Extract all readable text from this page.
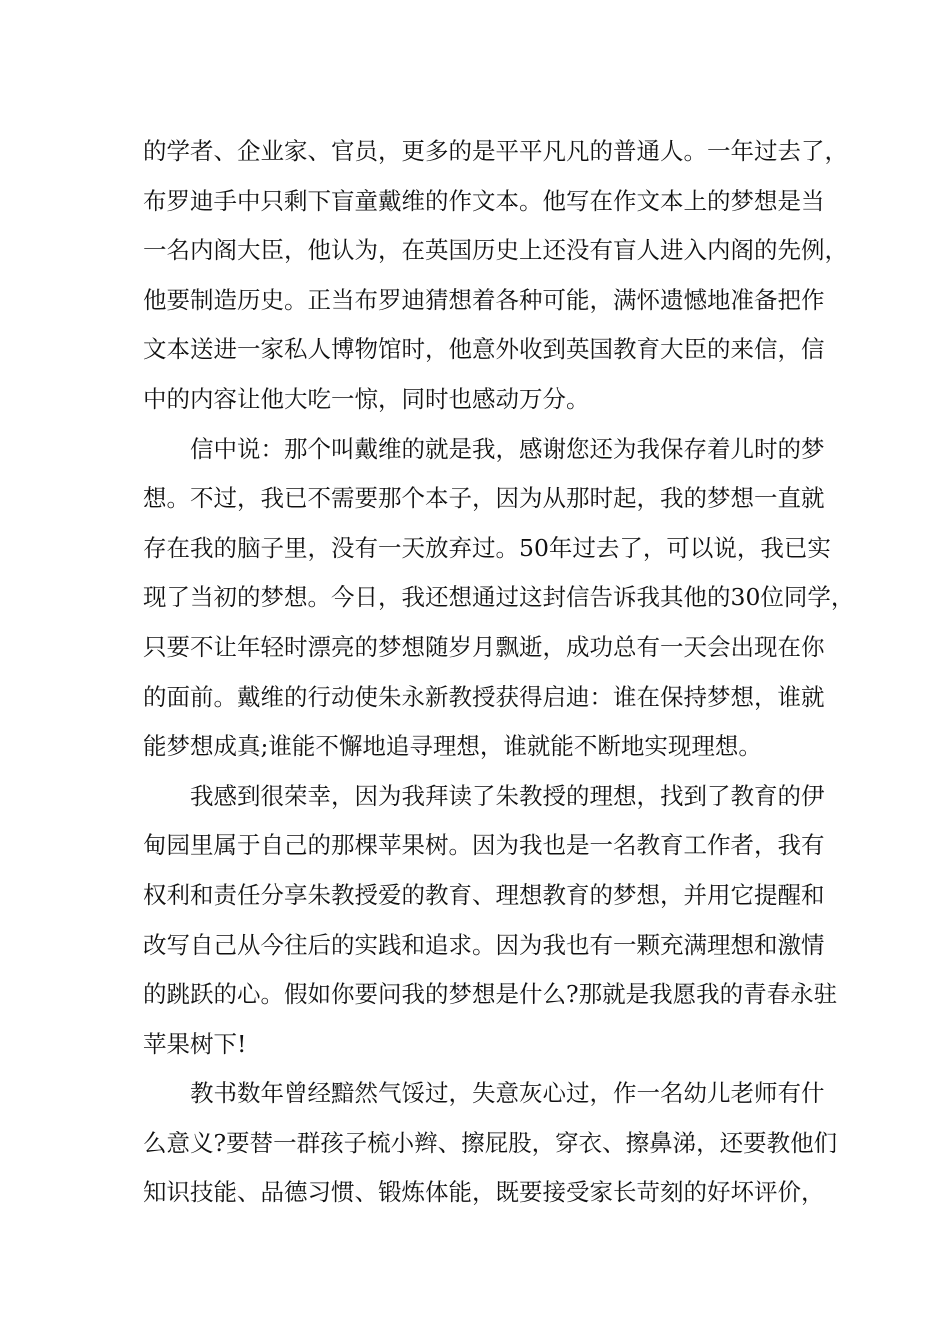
的学者、企业家、官员，更多的是平平凡凡的普通人。一年过去了，
布罗迪手中只剩下盲童戴维的作文本。他写在作文本上的梦想是当
一名内阁大臣，他认为，在英国历史上还没有盲人进入内阁的先例，
他要制造历史。正当布罗迪猜想着各种可能，满怀遗憾地准备把作
文本送进一家私人博物馆时，他意外收到英国教育大臣的来信，信
中的内容让他大吃一惊，同时也感动万分。
信中说：那个叫戴维的就是我，感谢您还为我保存着儿时的梦
想。不过，我已不需要那个本子，因为从那时起，我的梦想一直就
存在我的脑子里，没有一天放弃过。50年过去了，可以说，我已实
现了当初的梦想。今日，我还想通过这封信告诉我其他的30位同学，
只要不让年轻时漂亮的梦想随岁月飘逝，成功总有一天会出现在你
的面前。戴维的行动使朱永新教授获得启迪：谁在保持梦想，谁就
能梦想成真;谁能不懈地追寻理想，谁就能不断地实现理想。
我感到很荣幸，因为我拜读了朱教授的理想，找到了教育的伊
甸园里属于自己的那棵苹果树。因为我也是一名教育工作者，我有
权利和责任分享朱教授爱的教育、理想教育的梦想，并用它提醒和
改写自己从今往后的实践和追求。因为我也有一颗充满理想和激情
的跳跃的心。假如你要问我的梦想是什么?那就是我愿我的青春永驻
苹果树下!
教书数年曾经黯然气馁过，失意灰心过，作一名幼儿老师有什
么意义?要替一群孩子梳小辫、擦屁股，穿衣、擦鼻涕，还要教他们
知识技能、品德习惯、锻炼体能，既要接受家长苛刻的好坏评价，
